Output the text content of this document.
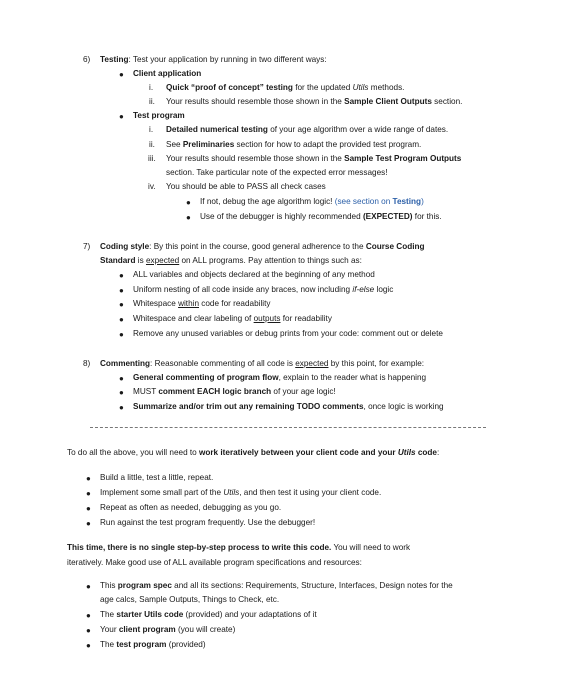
6) Testing: Test your application by running in two different ways:
● Client application
i. Quick “proof of concept” testing for the updated Utils methods.
ii. Your results should resemble those shown in the Sample Client Outputs section.
● Test program
i. Detailed numerical testing of your age algorithm over a wide range of dates.
ii. See Preliminaries section for how to adapt the provided test program.
iii. Your results should resemble those shown in the Sample Test Program Outputs
section. Take particular note of the expected error messages!
iv. You should be able to PASS all check cases
● If not, debug the age algorithm logic! (see section on Testing)
● Use of the debugger is highly recommended (EXPECTED) for this.
7) Coding style: By this point in the course, good general adherence to the Course Coding
Standard is expected on ALL programs. Pay attention to things such as:
● ALL variables and objects declared at the beginning of any method
● Uniform nesting of all code inside any braces, now including if-else logic
● Whitespace within code for readability
● Whitespace and clear labeling of outputs for readability
● Remove any unused variables or debug prints from your code: comment out or delete
8) Commenting: Reasonable commenting of all code is expected by this point, for example:
● General commenting of program flow, explain to the reader what is happening
● MUST comment EACH logic branch of your age logic!
● Summarize and/or trim out any remaining TODO comments, once logic is working
To do all the above, you will need to work iteratively between your client code and your Utils code:
● Build a little, test a little, repeat.
● Implement some small part of the Utils, and then test it using your client code.
● Repeat as often as needed, debugging as you go.
● Run against the test program frequently. Use the debugger!
This time, there is no single step-by-step process to write this code. You will need to work
iteratively. Make good use of ALL available program specifications and resources:
● This program spec and all its sections: Requirements, Structure, Interfaces, Design notes for the
age calcs, Sample Outputs, Things to Check, etc.
● The starter Utils code (provided) and your adaptations of it
● Your client program (you will create)
● The test program (provided)
